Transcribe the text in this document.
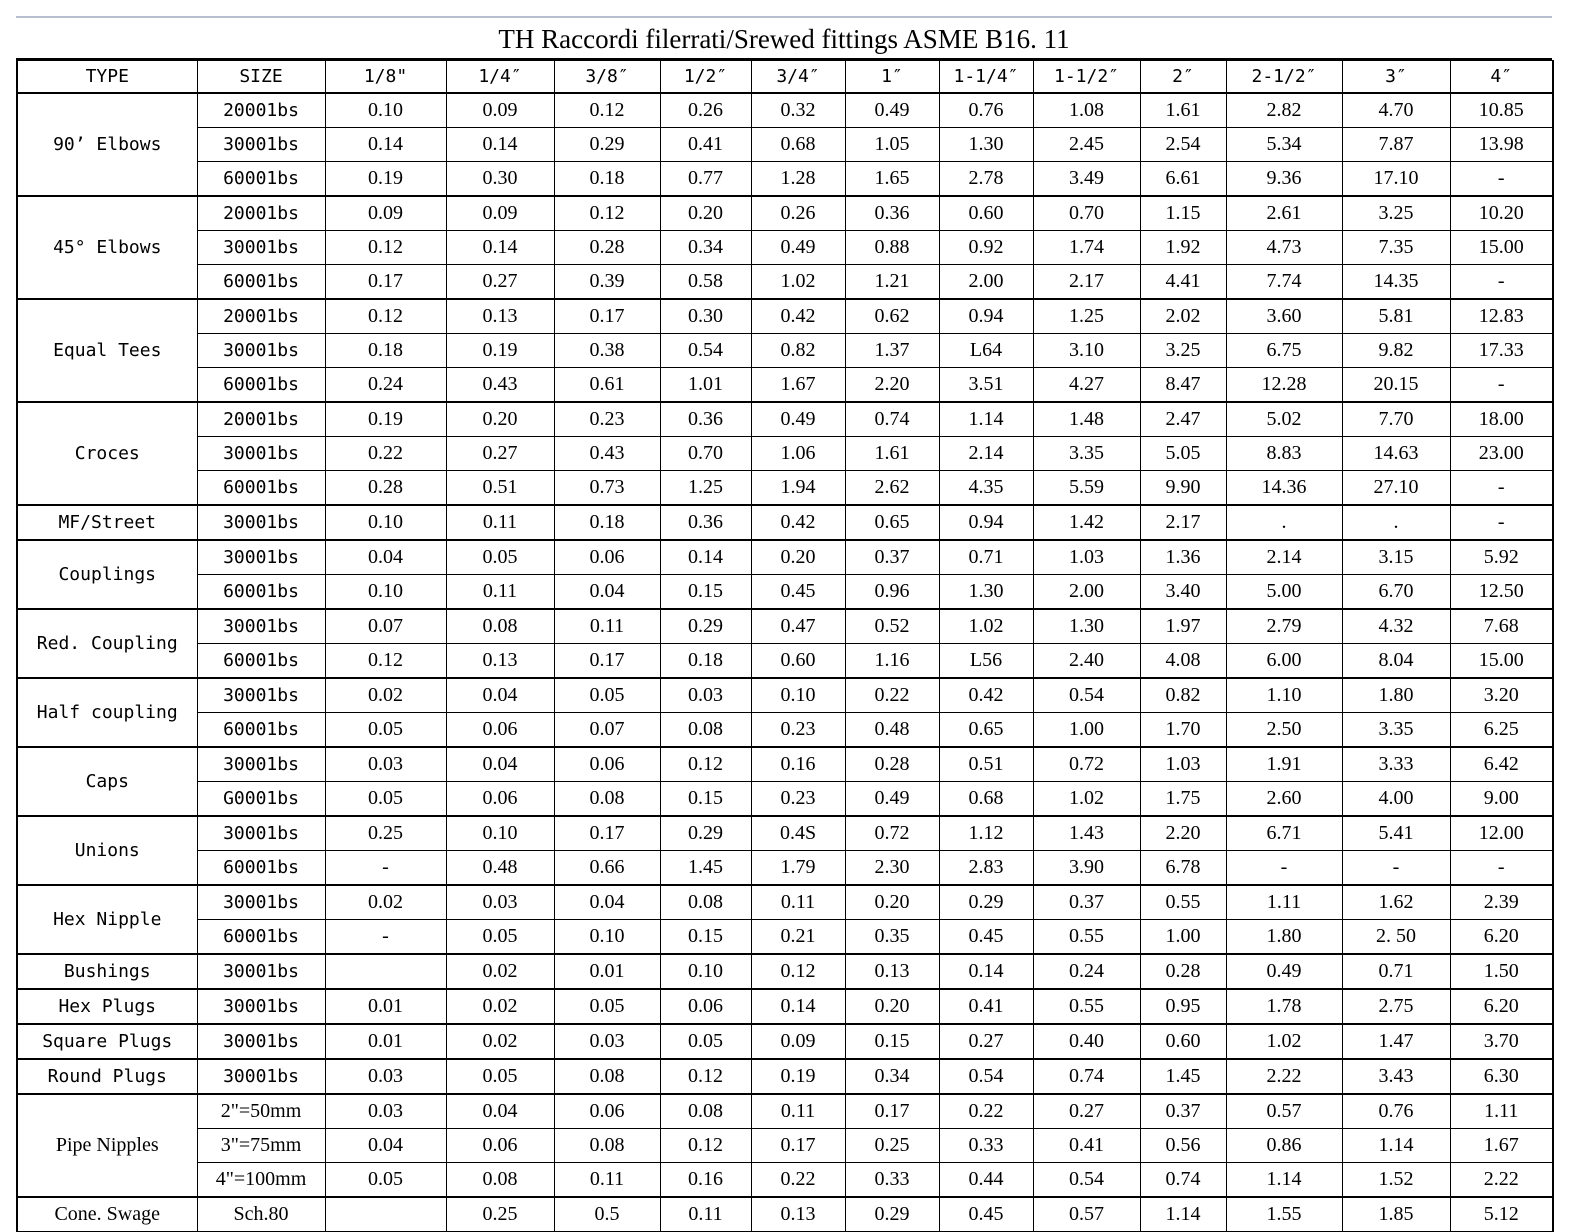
TH Raccordi filerrati/Srewed fittings ASME B16. 11
TYPE	SIZE	1/8"	1/4″	3/8″	1/2″	3/4″	1″	1-1/4″	1-1/2″	2″	2-1/2″	3″	4″
90’ Elbows	20001bs	0.10	0.09	0.12	0.26	0.32	0.49	0.76	1.08	1.61	2.82	4.70	10.85
	30001bs	0.14	0.14	0.29	0.41	0.68	1.05	1.30	2.45	2.54	5.34	7.87	13.98
	60001bs	0.19	0.30	0.18	0.77	1.28	1.65	2.78	3.49	6.61	9.36	17.10	-
45° Elbows	20001bs	0.09	0.09	0.12	0.20	0.26	0.36	0.60	0.70	1.15	2.61	3.25	10.20
	30001bs	0.12	0.14	0.28	0.34	0.49	0.88	0.92	1.74	1.92	4.73	7.35	15.00
	60001bs	0.17	0.27	0.39	0.58	1.02	1.21	2.00	2.17	4.41	7.74	14.35	-
Equal Tees	20001bs	0.12	0.13	0.17	0.30	0.42	0.62	0.94	1.25	2.02	3.60	5.81	12.83
	30001bs	0.18	0.19	0.38	0.54	0.82	1.37	L64	3.10	3.25	6.75	9.82	17.33
	60001bs	0.24	0.43	0.61	1.01	1.67	2.20	3.51	4.27	8.47	12.28	20.15	-
Croces	20001bs	0.19	0.20	0.23	0.36	0.49	0.74	1.14	1.48	2.47	5.02	7.70	18.00
	30001bs	0.22	0.27	0.43	0.70	1.06	1.61	2.14	3.35	5.05	8.83	14.63	23.00
	60001bs	0.28	0.51	0.73	1.25	1.94	2.62	4.35	5.59	9.90	14.36	27.10	-
MF/Street	30001bs	0.10	0.11	0.18	0.36	0.42	0.65	0.94	1.42	2.17	.	.	-
Couplings	30001bs	0.04	0.05	0.06	0.14	0.20	0.37	0.71	1.03	1.36	2.14	3.15	5.92
	60001bs	0.10	0.11	0.04	0.15	0.45	0.96	1.30	2.00	3.40	5.00	6.70	12.50
Red. Coupling	30001bs	0.07	0.08	0.11	0.29	0.47	0.52	1.02	1.30	1.97	2.79	4.32	7.68
	60001bs	0.12	0.13	0.17	0.18	0.60	1.16	L56	2.40	4.08	6.00	8.04	15.00
Half coupling	30001bs	0.02	0.04	0.05	0.03	0.10	0.22	0.42	0.54	0.82	1.10	1.80	3.20
	60001bs	0.05	0.06	0.07	0.08	0.23	0.48	0.65	1.00	1.70	2.50	3.35	6.25
Caps	30001bs	0.03	0.04	0.06	0.12	0.16	0.28	0.51	0.72	1.03	1.91	3.33	6.42
	G0001bs	0.05	0.06	0.08	0.15	0.23	0.49	0.68	1.02	1.75	2.60	4.00	9.00
Unions	30001bs	0.25	0.10	0.17	0.29	0.4S	0.72	1.12	1.43	2.20	6.71	5.41	12.00
	60001bs	-	0.48	0.66	1.45	1.79	2.30	2.83	3.90	6.78	-	-	-
Hex Nipple	30001bs	0.02	0.03	0.04	0.08	0.11	0.20	0.29	0.37	0.55	1.11	1.62	2.39
	60001bs	-	0.05	0.10	0.15	0.21	0.35	0.45	0.55	1.00	1.80	2. 50	6.20
Bushings	30001bs		0.02	0.01	0.10	0.12	0.13	0.14	0.24	0.28	0.49	0.71	1.50
Hex Plugs	30001bs	0.01	0.02	0.05	0.06	0.14	0.20	0.41	0.55	0.95	1.78	2.75	6.20
Square Plugs	30001bs	0.01	0.02	0.03	0.05	0.09	0.15	0.27	0.40	0.60	1.02	1.47	3.70
Round Plugs	30001bs	0.03	0.05	0.08	0.12	0.19	0.34	0.54	0.74	1.45	2.22	3.43	6.30
Pipe Nipples	2"=50mm	0.03	0.04	0.06	0.08	0.11	0.17	0.22	0.27	0.37	0.57	0.76	1.11
	3"=75mm	0.04	0.06	0.08	0.12	0.17	0.25	0.33	0.41	0.56	0.86	1.14	1.67
	4"=100mm	0.05	0.08	0.11	0.16	0.22	0.33	0.44	0.54	0.74	1.14	1.52	2.22
Cone. Swage	Sch.80		0.25	0.5	0.11	0.13	0.29	0.45	0.57	1.14	1.55	1.85	5.12
